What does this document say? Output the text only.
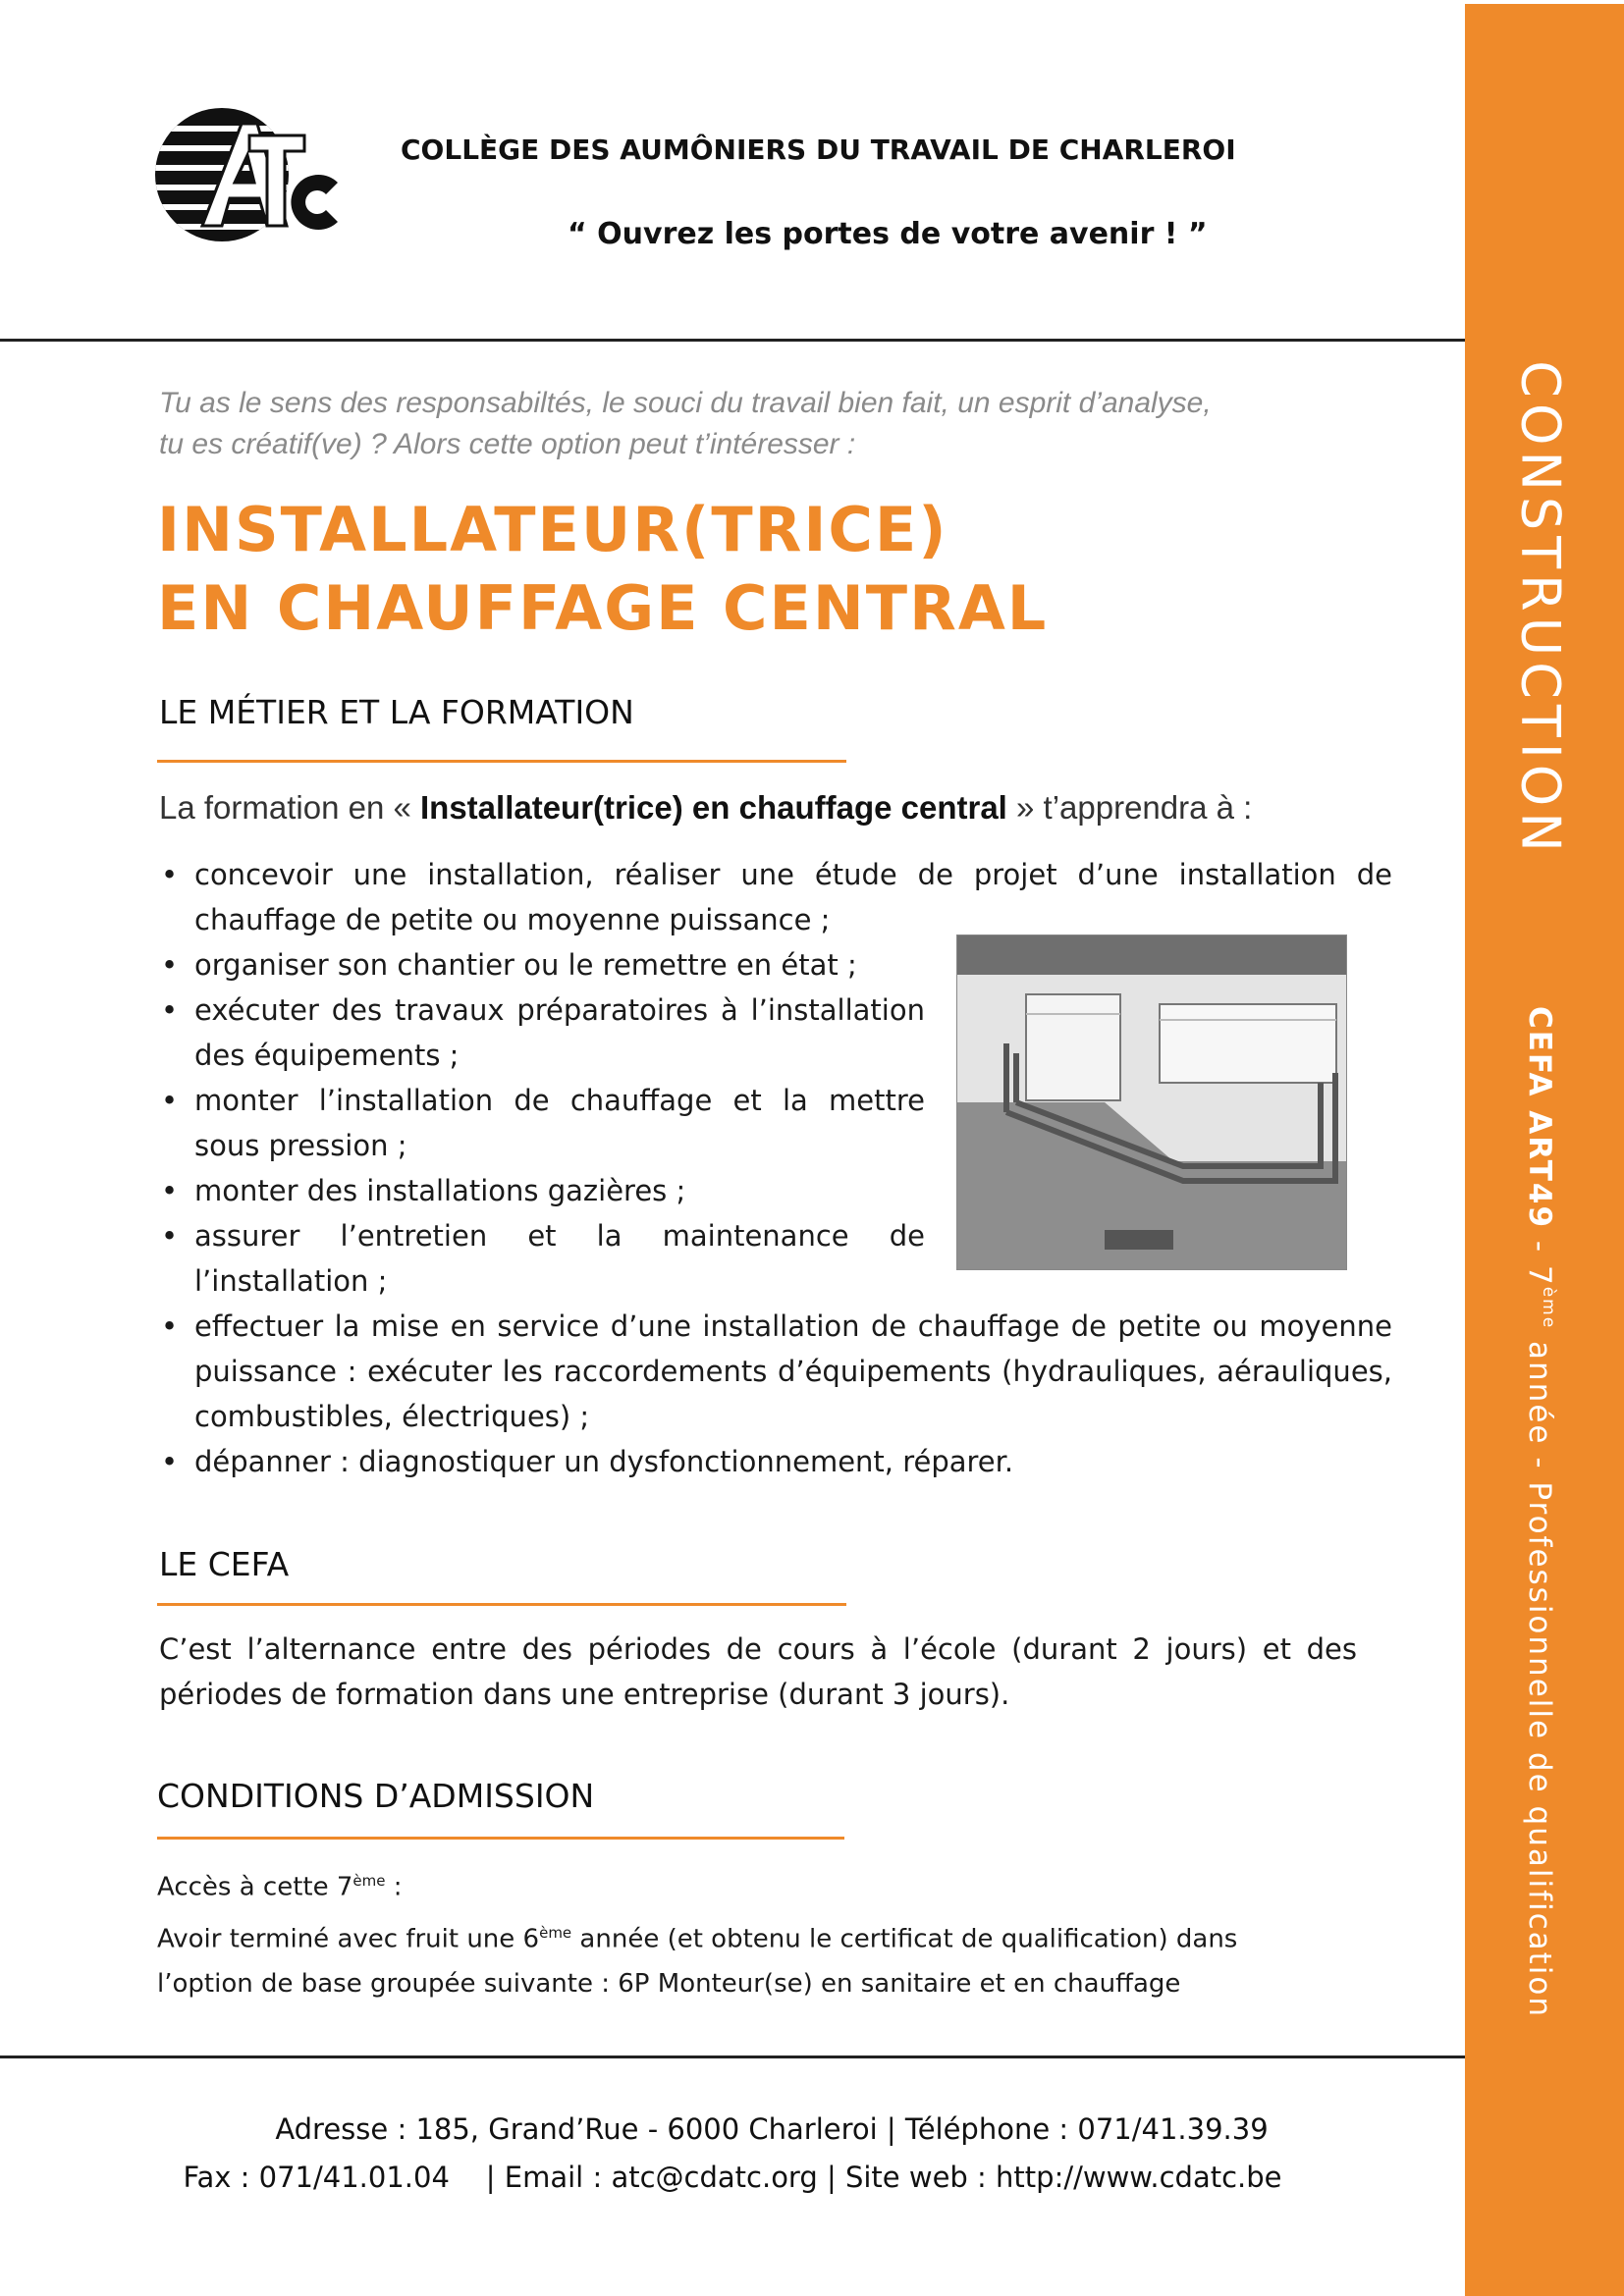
CONSTRUCTION
CEFA ART49 - 7ème année - Professionnelle de qualification
COLLÈGE DES AUMÔNIERS DU TRAVAIL DE CHARLEROI
“ Ouvrez les portes de votre avenir ! ”
Tu as le sens des responsabiltés, le souci du travail bien fait, un esprit d’analyse,
tu es créatif(ve) ? Alors cette option peut t’intéresser :
INSTALLATEUR(TRICE)
EN CHAUFFAGE CENTRAL
LE MÉTIER ET LA FORMATION
La formation en « Installateur(trice) en chauffage central » t’apprendra à :
• concevoir une installation, réaliser une étude de projet d’une installation de chauffage de petite ou moyenne puissance ;
• organiser son chantier ou le remettre en état ;
• exécuter des travaux préparatoires à l’installation des équipements ;
• monter l’installation de chauffage et la mettre sous pression ;
• monter des installations gazières ;
• assurer l’entretien et la maintenance de l’installation ;
• effectuer la mise en service d’une installation de chauffage de petite ou moyenne puissance : exécuter les raccordements d’équipements (hydrauliques, aérauliques, combustibles, électriques) ;
• dépanner : diagnostiquer un dysfonctionnement, réparer.
LE CEFA
C’est l’alternance entre des périodes de cours à l’école (durant 2 jours) et des périodes de formation dans une entreprise (durant 3 jours).
CONDITIONS D’ADMISSION
Accès à cette 7ème :
Avoir terminé avec fruit une 6ème année (et obtenu le certificat de qualification) dans
l’option de base groupée suivante : 6P Monteur(se) en sanitaire et en chauffage
Adresse : 185, Grand’Rue - 6000 Charleroi | Téléphone : 071/41.39.39
Fax : 071/41.01.04    | Email : atc@cdatc.org | Site web : http://www.cdatc.be
